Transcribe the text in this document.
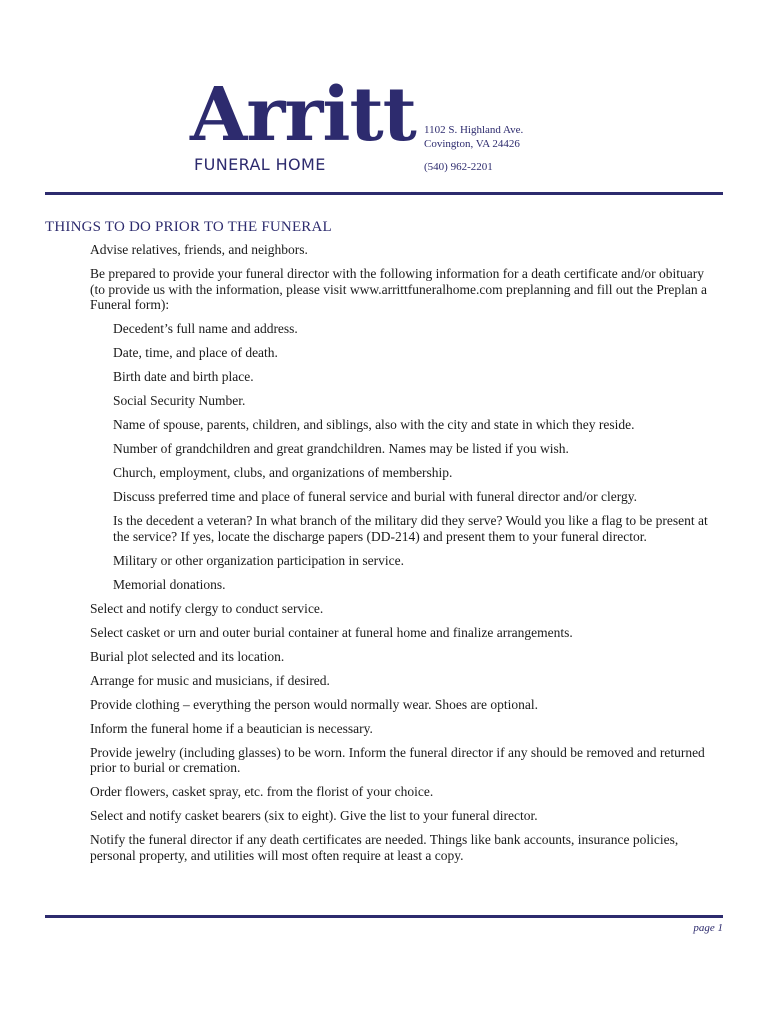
Arritt
FUNERAL HOME
1102 S. Highland Ave.
Covington, VA 24426
(540) 962-2201
THINGS TO DO PRIOR TO THE FUNERAL

Advise relatives, friends, and neighbors.

Be prepared to provide your funeral director with the following information for a death certificate and/or obituary (to provide us with the information, please visit www.arrittfuneralhome.com preplanning and fill out the Preplan a Funeral form):

Decedent’s full name and address.

Date, time, and place of death.

Birth date and birth place.

Social Security Number.

Name of spouse, parents, children, and siblings, also with the city and state in which they reside.

Number of grandchildren and great grandchildren. Names may be listed if you wish.

Church, employment, clubs, and organizations of membership.

Discuss preferred time and place of funeral service and burial with funeral director and/or clergy.

Is the decedent a veteran? In what branch of the military did they serve? Would you like a flag to be present at the service? If yes, locate the discharge papers (DD-214) and present them to your funeral director.

Military or other organization participation in service.

Memorial donations.

Select and notify clergy to conduct service.

Select casket or urn and outer burial container at funeral home and finalize arrangements.

Burial plot selected and its location.

Arrange for music and musicians, if desired.

Provide clothing – everything the person would normally wear. Shoes are optional.

Inform the funeral home if a beautician is necessary.

Provide jewelry (including glasses) to be worn. Inform the funeral director if any should be removed and returned prior to burial or cremation.

Order flowers, casket spray, etc. from the florist of your choice.

Select and notify casket bearers (six to eight). Give the list to your funeral director.

Notify the funeral director if any death certificates are needed. Things like bank accounts, insurance policies, personal property, and utilities will most often require at least a copy.

page 1
